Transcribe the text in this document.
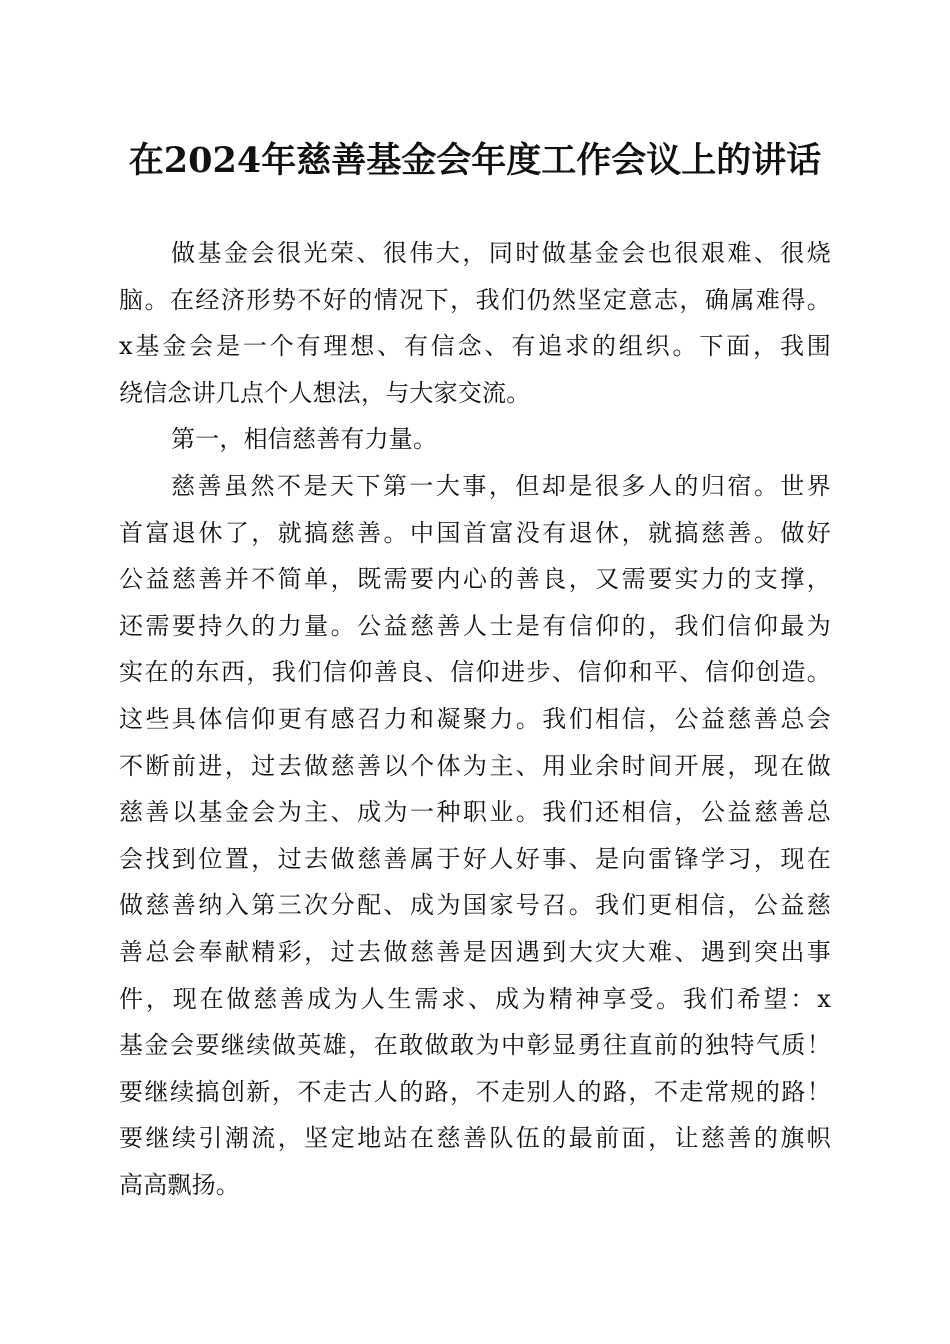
在2024年慈善基金会年度工作会议上的讲话
做基金会很光荣、很伟大，同时做基金会也很艰难、很烧
脑。在经济形势不好的情况下，我们仍然坚定意志，确属难得。
x基金会是一个有理想、有信念、有追求的组织。下面，我围
绕信念讲几点个人想法，与大家交流。
第一，相信慈善有力量。
慈善虽然不是天下第一大事，但却是很多人的归宿。世界
首富退休了，就搞慈善。中国首富没有退休，就搞慈善。做好
公益慈善并不简单，既需要内心的善良，又需要实力的支撑，
还需要持久的力量。公益慈善人士是有信仰的，我们信仰最为
实在的东西，我们信仰善良、信仰进步、信仰和平、信仰创造。
这些具体信仰更有感召力和凝聚力。我们相信，公益慈善总会
不断前进，过去做慈善以个体为主、用业余时间开展，现在做
慈善以基金会为主、成为一种职业。我们还相信，公益慈善总
会找到位置，过去做慈善属于好人好事、是向雷锋学习，现在
做慈善纳入第三次分配、成为国家号召。我们更相信，公益慈
善总会奉献精彩，过去做慈善是因遇到大灾大难、遇到突出事
件，现在做慈善成为人生需求、成为精神享受。我们希望：x
基金会要继续做英雄，在敢做敢为中彰显勇往直前的独特气质！
要继续搞创新，不走古人的路，不走别人的路，不走常规的路！
要继续引潮流，坚定地站在慈善队伍的最前面，让慈善的旗帜
高高飘扬。
